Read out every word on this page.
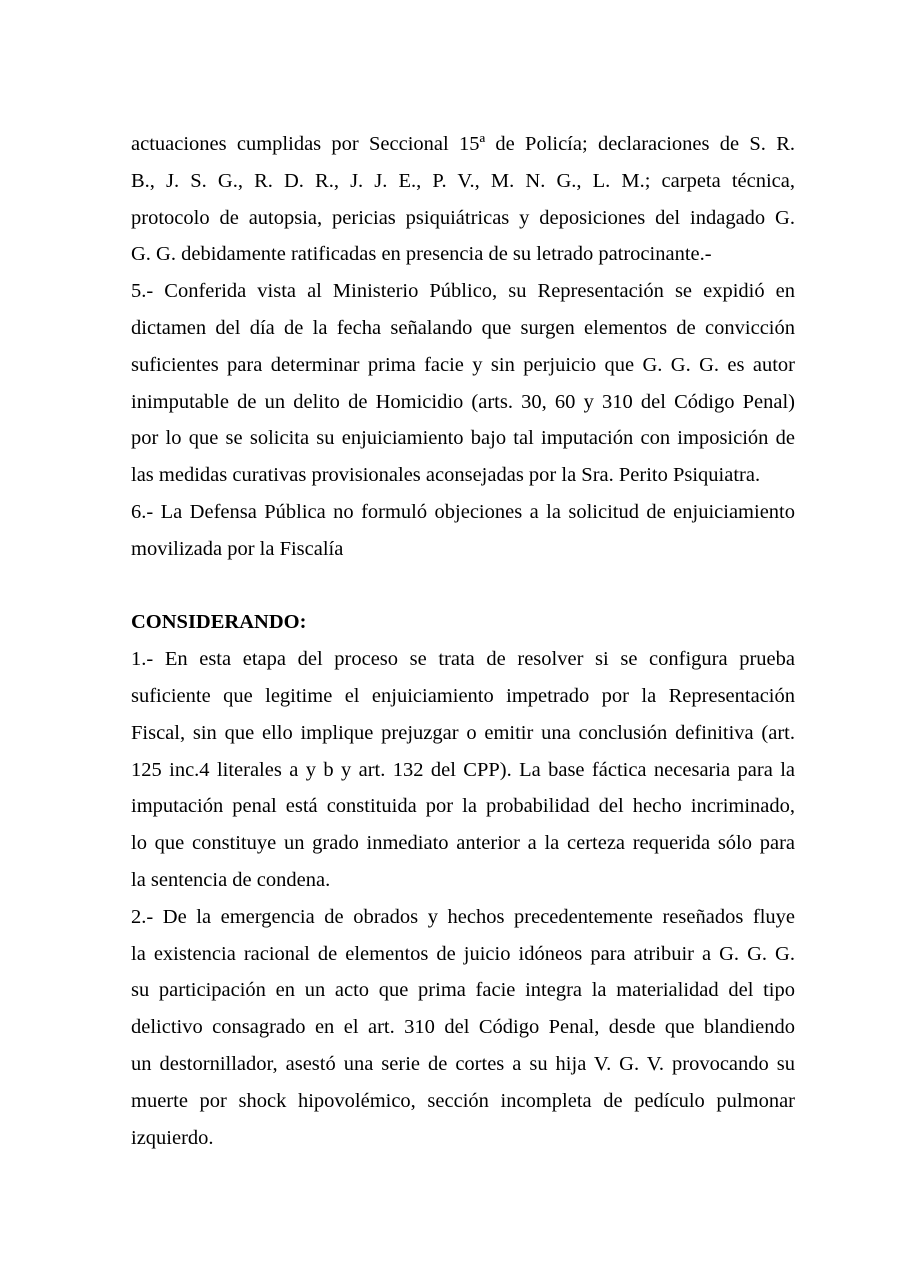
actuaciones cumplidas por Seccional 15ª de Policía; declaraciones de S. R.
B., J. S. G., R. D. R., J. J. E., P. V., M. N. G., L. M.; carpeta técnica,
protocolo de autopsia, pericias psiquiátricas y deposiciones del indagado G.
G. G. debidamente ratificadas en presencia de su letrado patrocinante.-
5.- Conferida vista al Ministerio Público, su Representación se expidió en
dictamen del día de la fecha señalando que surgen elementos de convicción
suficientes para determinar prima facie y sin perjuicio que G. G. G. es autor
inimputable de un delito de Homicidio (arts. 30, 60 y 310 del Código Penal)
por lo que se solicita su enjuiciamiento bajo tal imputación con imposición de
las medidas curativas provisionales aconsejadas por la Sra. Perito Psiquiatra.
6.- La Defensa Pública no formuló objeciones a la solicitud de enjuiciamiento
movilizada por la Fiscalía
CONSIDERANDO:
1.- En esta etapa del proceso se trata de resolver si se configura prueba
suficiente que legitime el enjuiciamiento impetrado por la Representación
Fiscal, sin que ello implique prejuzgar o emitir una conclusión definitiva (art.
125 inc.4 literales a y b y art. 132 del CPP). La base fáctica necesaria para la
imputación penal está constituida por la probabilidad del hecho incriminado,
lo que constituye un grado inmediato anterior a la certeza requerida sólo para
la sentencia de condena.
2.- De la emergencia de obrados y hechos precedentemente reseñados fluye
la existencia racional de elementos de juicio idóneos para atribuir a G. G. G.
su participación en un acto que prima facie integra la materialidad del tipo
delictivo consagrado en el art. 310 del Código Penal, desde que blandiendo
un destornillador, asestó una serie de cortes a su hija V. G. V. provocando su
muerte por shock hipovolémico, sección incompleta de pedículo pulmonar
izquierdo.
